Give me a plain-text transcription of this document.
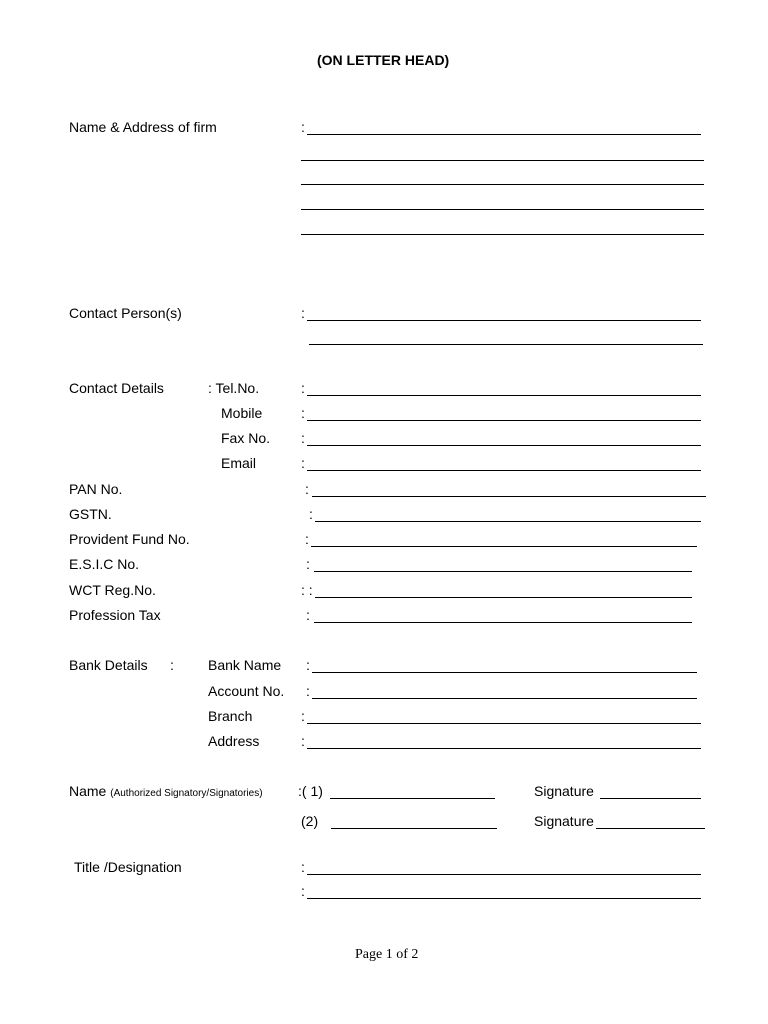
(ON LETTER HEAD)
Name & Address of firm	:
Contact Person(s)	:
Contact Details	: Tel.No.	:
Mobile	:
Fax No. :
Email	:
PAN No.	:
GSTN.	:
Provident Fund No.	:
E.S.I.C No.	:
WCT Reg.No.	: :
Profession Tax	:
Bank Details : Bank Name :
Account No. :
Branch	:
Address	:
Name (Authorized Signatory/Signatories)	:( 1)	Signature
(2)	Signature
Title /Designation	:
:
Page 1 of 2
